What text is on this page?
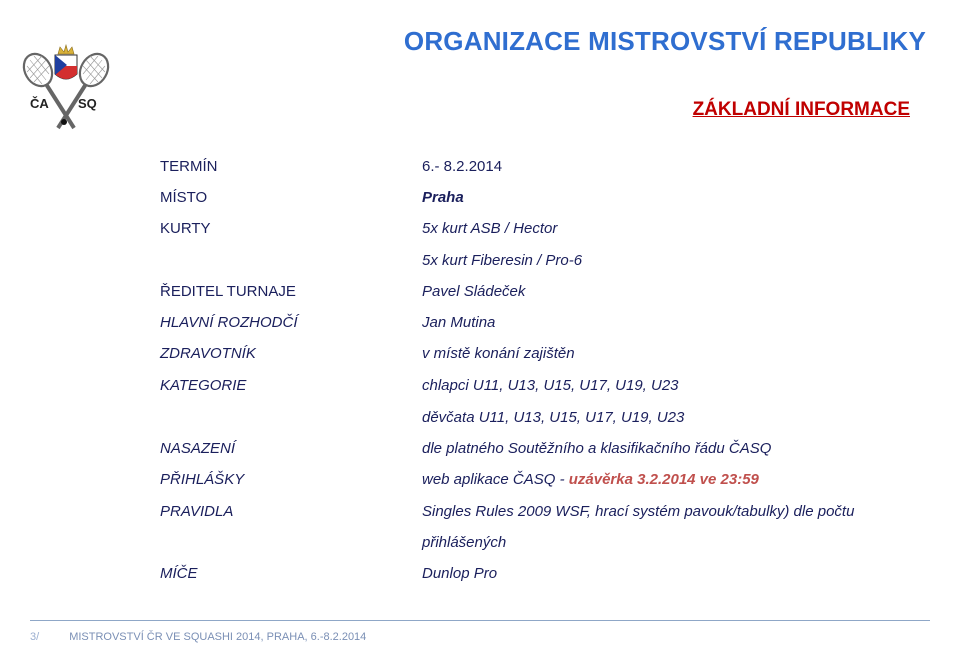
ČA SQ
ORGANIZACE MISTROVSTVÍ REPUBLIKY
ZÁKLADNÍ INFORMACE
TERMÍN	6.- 8.2.2014
MÍSTO	Praha
KURTY	5x kurt ASB / Hector
5x kurt Fiberesin / Pro-6
ŘEDITEL TURNAJE	Pavel Sládeček
HLAVNÍ ROZHODČÍ	Jan Mutina
ZDRAVOTNÍK	v místě konání zajištěn
KATEGORIE	chlapci U11, U13, U15, U17, U19, U23
děvčata U11, U13, U15, U17, U19, U23
NASAZENÍ	dle platného Soutěžního a klasifikačního řádu ČASQ
PŘIHLÁŠKY	web aplikace ČASQ - uzávěrka 3.2.2014 ve 23:59
PRAVIDLA	Singles Rules 2009 WSF, hrací systém pavouk/tabulky) dle počtu
přihlášených
MÍČE	Dunlop Pro
3/	MISTROVSTVÍ ČR VE SQUASHI 2014, PRAHA, 6.-8.2.2014
